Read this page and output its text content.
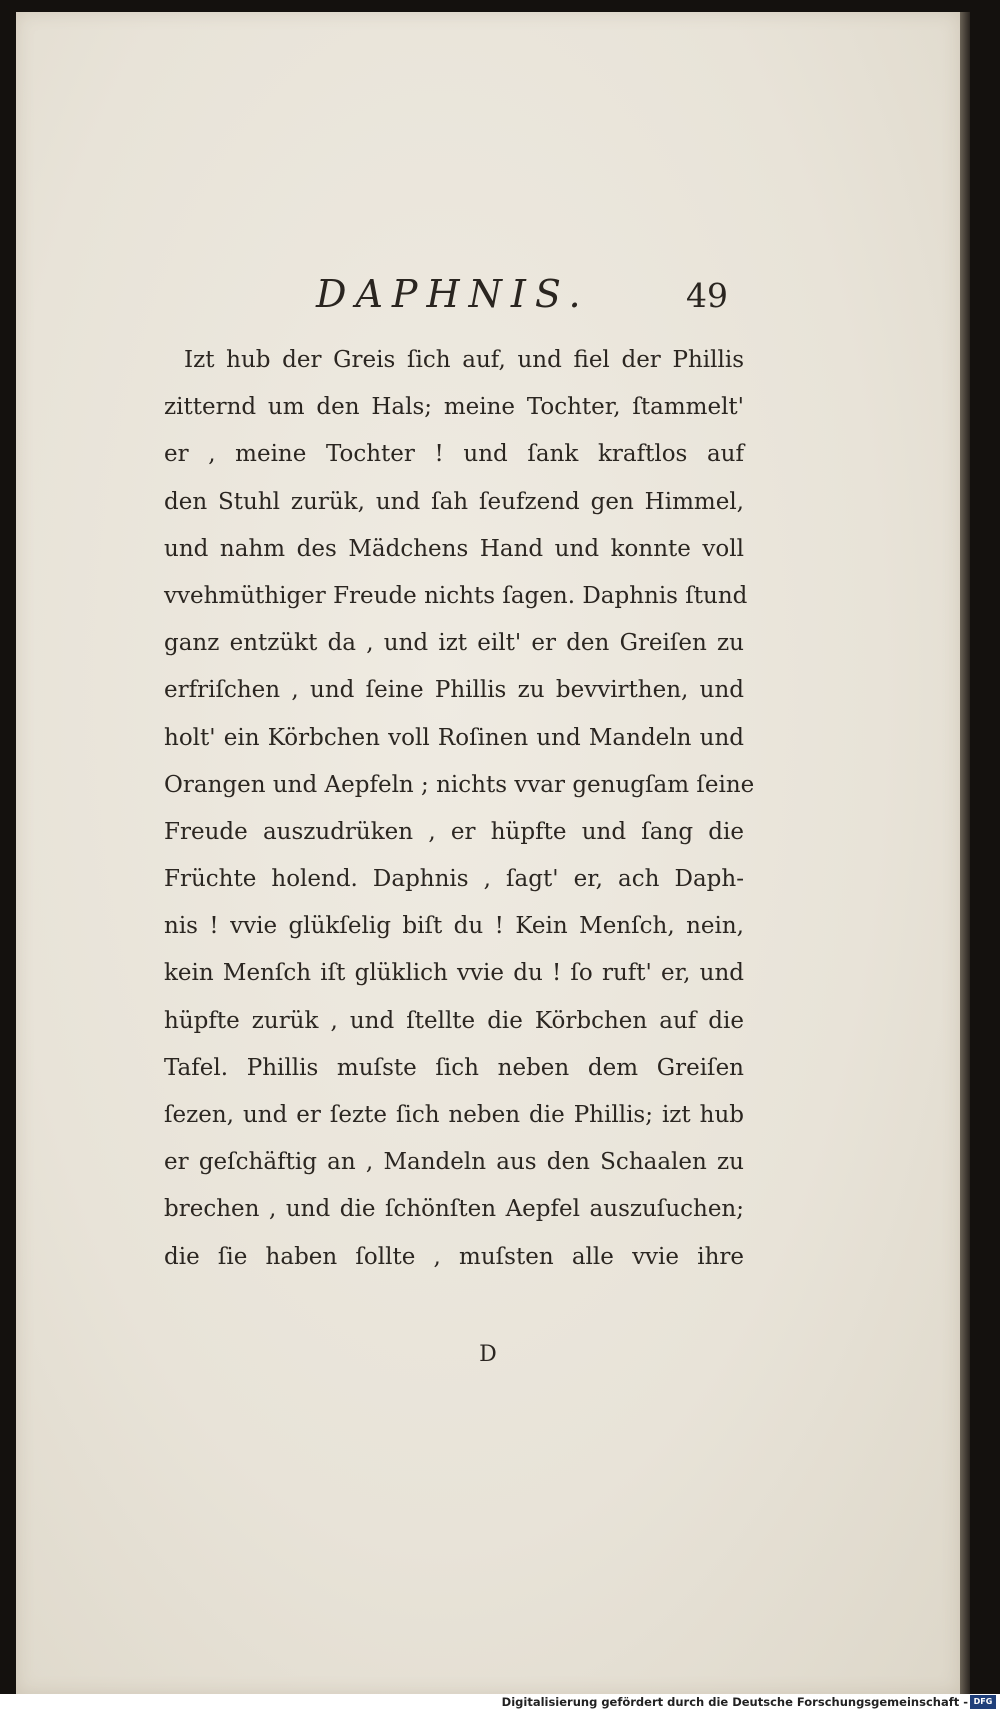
DAPHNIS.	49
Izt hub der Greis ſich auf, und fiel der Phillis
zitternd um den Hals; meine Tochter, ſtammelt'
er , meine Tochter ! und ſank kraftlos auf
den Stuhl zurük, und ſah ſeufzend gen Himmel,
und nahm des Mädchens Hand und konnte voll
vvehmüthiger Freude nichts ſagen. Daphnis ſtund
ganz entzükt da , und izt eilt' er den Greiſen zu
erfriſchen , und ſeine Phillis zu bevvirthen, und
holt' ein Körbchen voll Roſinen und Mandeln und
Orangen und Aepfeln ; nichts vvar genugſam ſeine
Freude auszudrüken , er hüpfte und ſang die
Früchte holend. Daphnis , ſagt' er, ach Daph-
nis ! vvie glükſelig biſt du ! Kein Menſch, nein,
kein Menſch iſt glüklich vvie du ! ſo ruft' er, und
hüpfte zurük , und ſtellte die Körbchen auf die
Tafel. Phillis muſste ſich neben dem Greiſen
ſezen, und er ſezte ſich neben die Phillis; izt hub
er geſchäftig an , Mandeln aus den Schaalen zu
brechen , und die ſchönſten Aepfel auszuſuchen;
die ſie haben ſollte , muſsten alle vvie ihre
D
Digitalisierung gefördert durch die Deutsche Forschungsgemeinschaft - DFG
